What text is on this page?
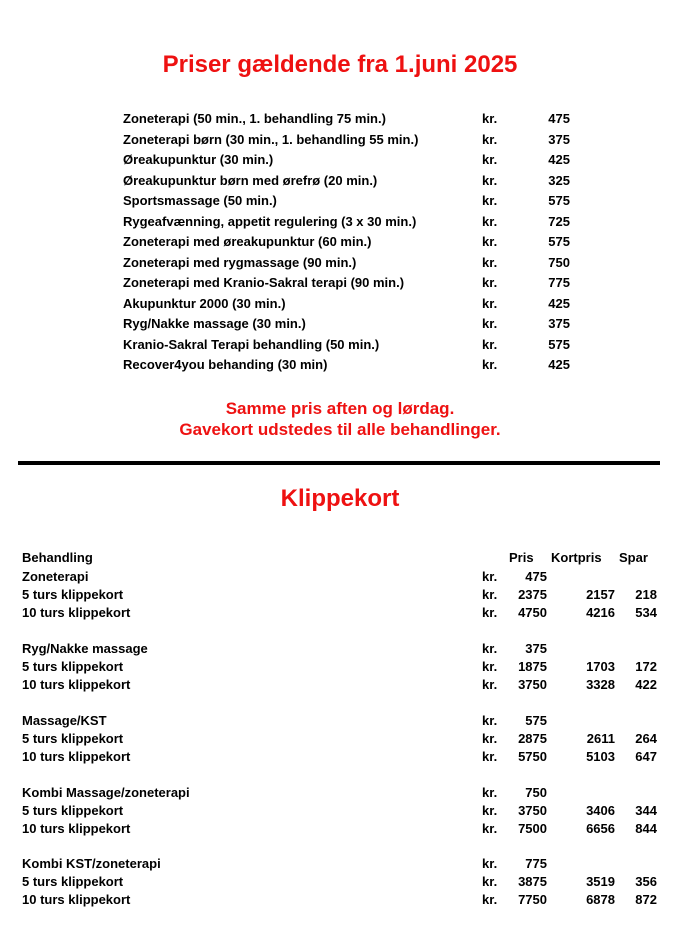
Priser gældende fra 1.juni 2025
Zoneterapi (50 min., 1. behandling 75 min.)	kr.	475
Zoneterapi børn (30 min., 1. behandling 55 min.)	kr.	375
Øreakupunktur (30 min.)	kr.	425
Øreakupunktur børn med ørefrø (20 min.)	kr.	325
Sportsmassage (50 min.)	kr.	575
Rygeafvænning, appetit regulering (3 x 30 min.)	kr.	725
Zoneterapi med øreakupunktur (60 min.)	kr.	575
Zoneterapi med rygmassage (90 min.)	kr.	750
Zoneterapi med Kranio-Sakral terapi (90 min.)	kr.	775
Akupunktur 2000 (30 min.)	kr.	425
Ryg/Nakke massage (30 min.)	kr.	375
Kranio-Sakral Terapi behandling (50 min.)	kr.	575
Recover4you behanding (30 min)	kr.	425
Samme pris aften og lørdag.
Gavekort udstedes til alle behandlinger.
Klippekort
Behandling	Pris Kortpris Spar
Zoneterapi	kr.	475
5 turs klippekort	kr.	2375	2157	218
10 turs klippekort	kr.	4750	4216	534
Ryg/Nakke massage	kr.	375
5 turs klippekort	kr.	1875	1703	172
10 turs klippekort	kr.	3750	3328	422
Massage/KST	kr.	575
5 turs klippekort	kr.	2875	2611	264
10 turs klippekort	kr.	5750	5103	647
Kombi Massage/zoneterapi	kr.	750
5 turs klippekort	kr.	3750	3406	344
10 turs klippekort	kr.	7500	6656	844
Kombi KST/zoneterapi	kr.	775
5 turs klippekort	kr.	3875	3519	356
10 turs klippekort	kr.	7750	6878	872
